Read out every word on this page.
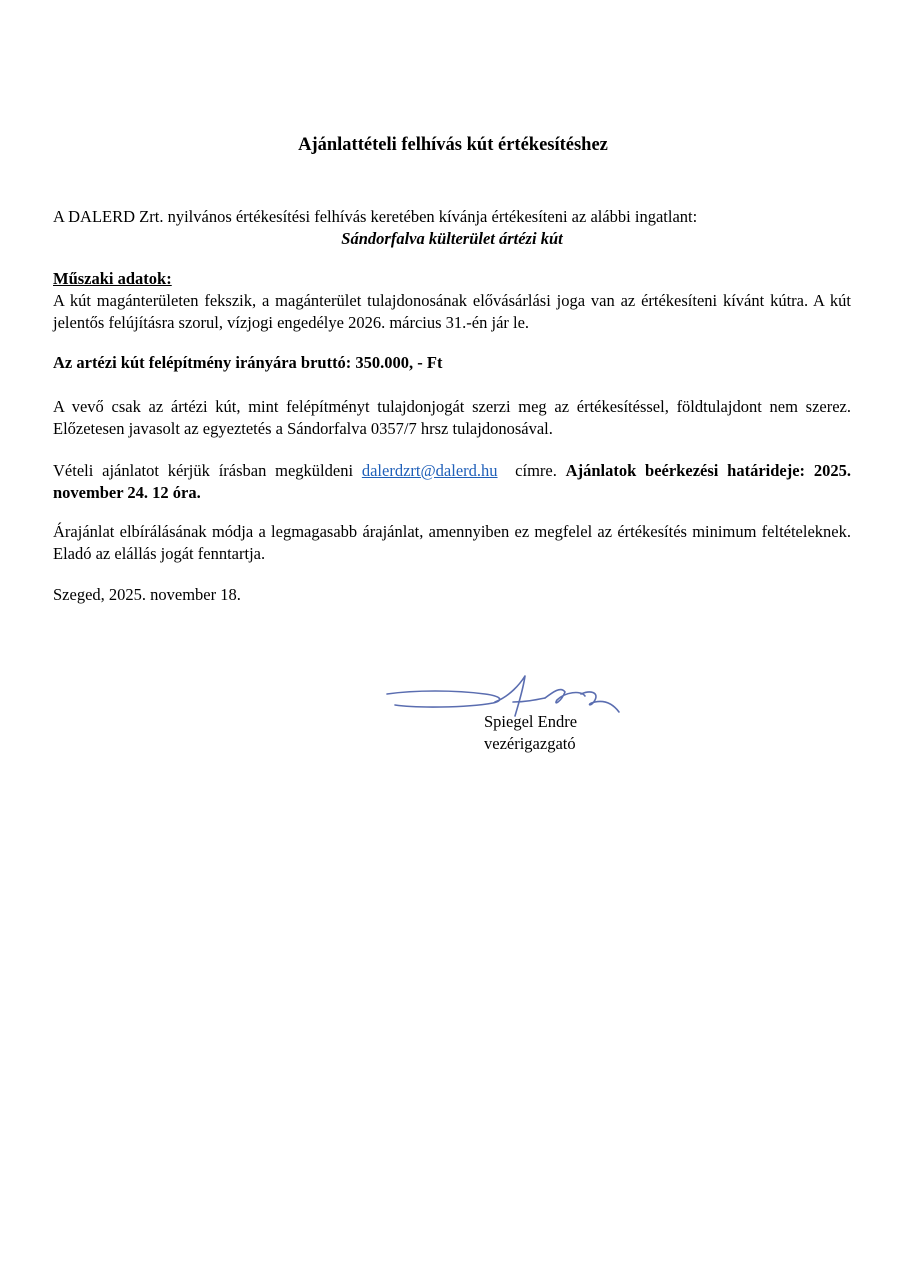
Ajánlattételi felhívás kút értékesítéshez
A DALERD Zrt. nyilvános értékesítési felhívás keretében kívánja értékesíteni az alábbi ingatlant:
Sándorfalva külterület ártézi kút
Műszaki adatok:
A kút magánterületen fekszik, a magánterület tulajdonosának elővásárlási joga van az értékesíteni kívánt kútra. A kút jelentős felújításra szorul, vízjogi engedélye 2026. március 31.-én jár le.
Az artézi kút felépítmény irányára bruttó: 350.000, - Ft
A vevő csak az ártézi kút, mint felépítményt tulajdonjogát szerzi meg az értékesítéssel, földtulajdont nem szerez. Előzetesen javasolt az egyeztetés a Sándorfalva 0357/7 hrsz tulajdonosával.
Vételi ajánlatot kérjük írásban megküldeni dalerdzrt@dalerd.hu  címre. Ajánlatok beérkezési határideje: 2025. november 24. 12 óra.
Árajánlat elbírálásának módja a legmagasabb árajánlat, amennyiben ez megfelel az értékesítés minimum feltételeknek. Eladó az elállás jogát fenntartja.
Szeged, 2025. november 18.
Spiegel Endre
vezérigazgató
